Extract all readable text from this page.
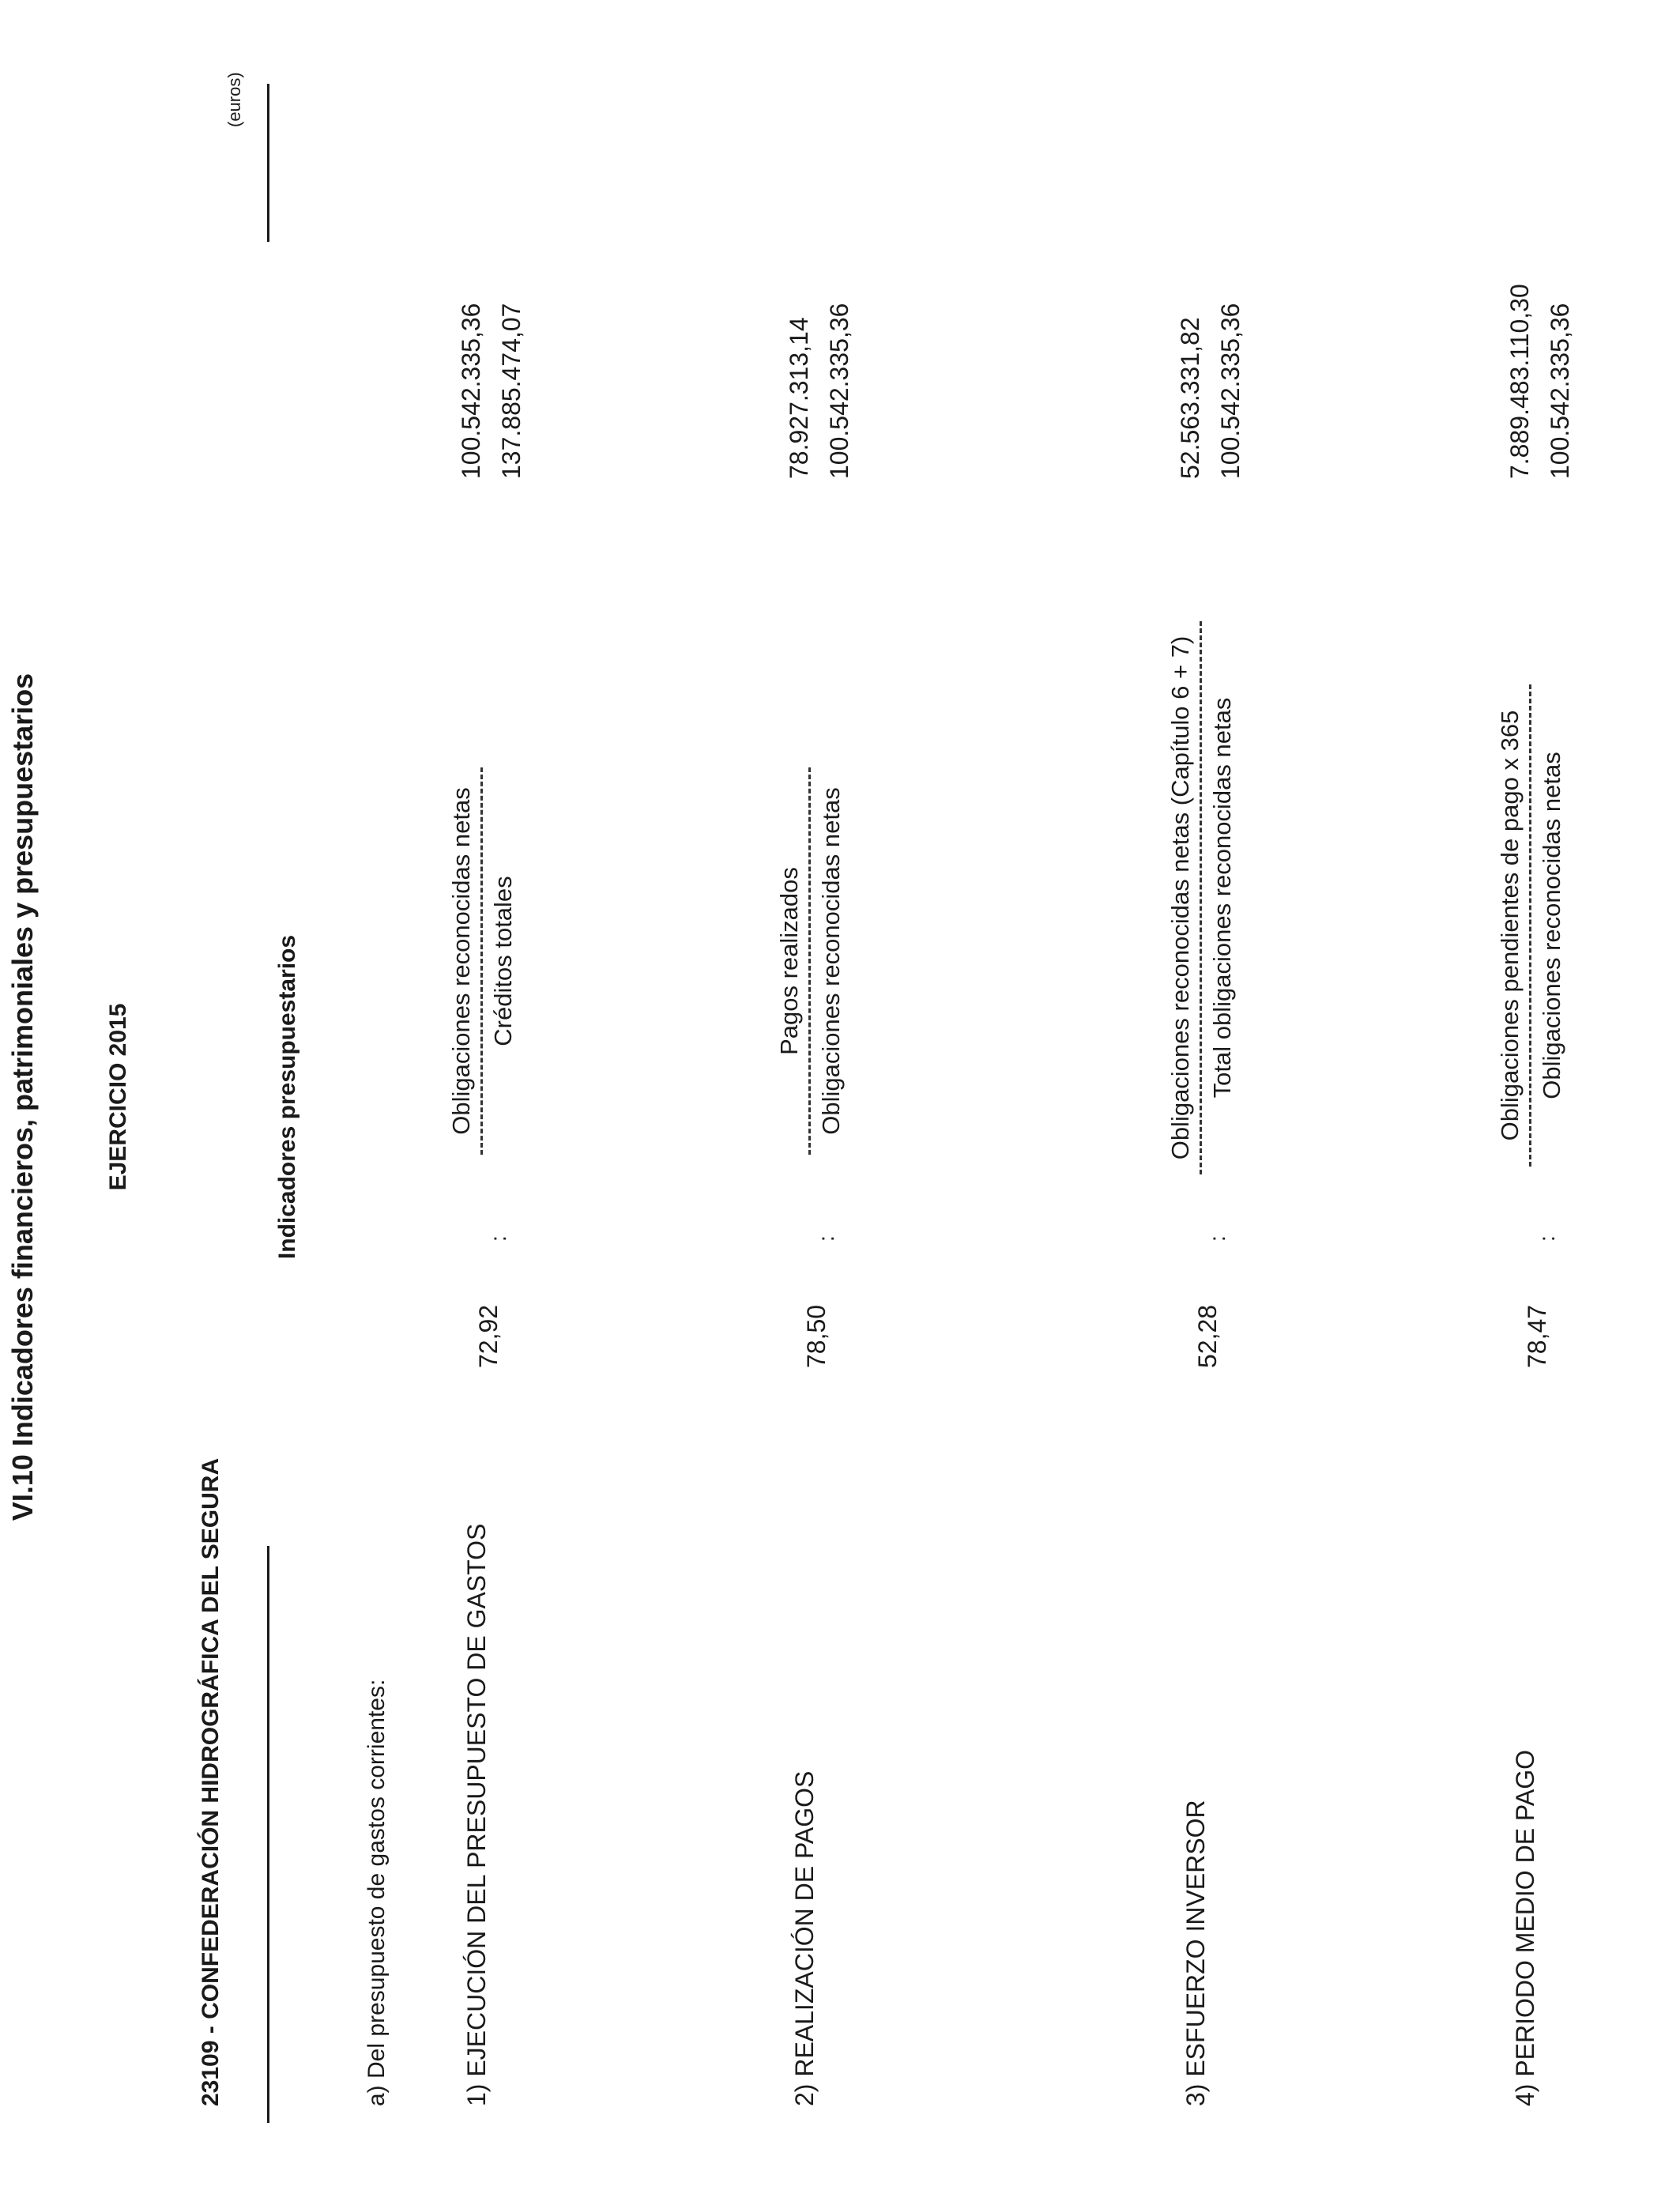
VI.10 Indicadores financieros, patrimoniales y presupuestarios	EJERCICIO 2015
23109 - CONFEDERACIÓN HIDROGRÁFICA DEL SEGURA
(euros)
Indicadores presupuestarios
a) Del presupuesto de gastos corrientes:	1) EJECUCIÓN DEL PRESUPUESTO DE GASTOS
72,92
:
Obligaciones reconocidas netas Créditos totales
100.542.335,36 137.885.474,07
2) REALIZACIÓN DE PAGOS
78,50
:
Pagos realizados Obligaciones reconocidas netas
78.927.313,14 100.542.335,36
3) ESFUERZO INVERSOR
52,28
:
Obligaciones reconocidas netas (Capítulo 6 + 7) Total obligaciones reconocidas netas
52.563.331,82 100.542.335,36
4) PERIODO MEDIO DE PAGO
78,47
:
Obligaciones pendientes de pago x 365 Obligaciones reconocidas netas
7.889.483.110,30 100.542.335,36
